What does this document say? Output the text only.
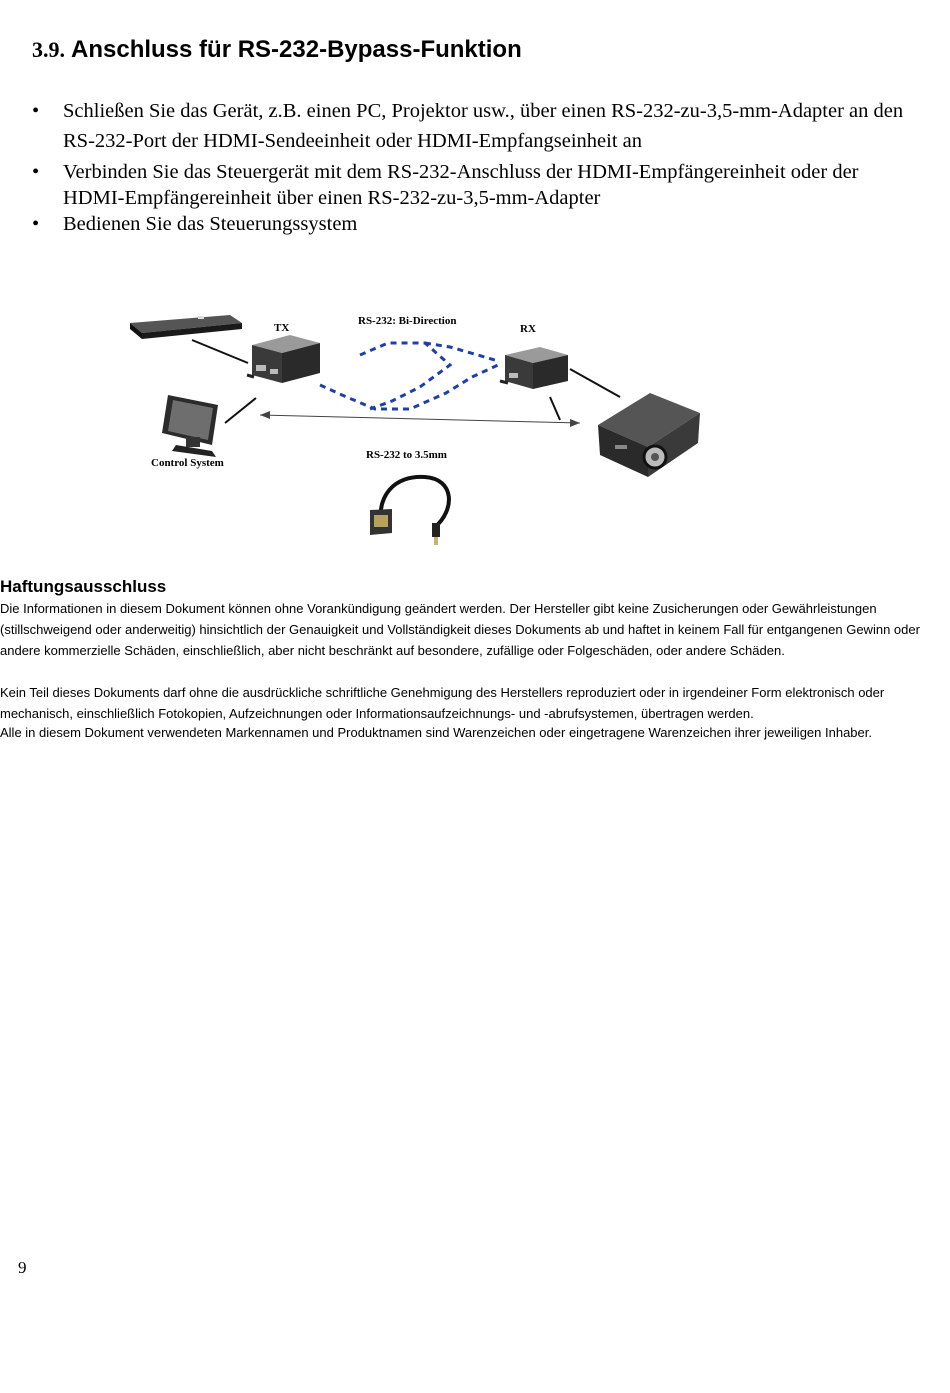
3.9. Anschluss für RS-232-Bypass-Funktion
• Schließen Sie das Gerät, z.B. einen PC, Projektor usw., über einen RS-232-zu-3,5-mm-Adapter an den RS-232-Port der HDMI-Sendeeinheit oder HDMI-Empfangseinheit an
• Verbinden Sie das Steuergerät mit dem RS-232-Anschluss der HDMI-Empfängereinheit oder der HDMI-Empfängereinheit über einen RS-232-zu-3,5-mm-Adapter
• Bedienen Sie das Steuerungssystem
TX	RX
RS-232: Bi-Direction
Control System
RS-232 to 3.5mm
Haftungsausschluss

Die Informationen in diesem Dokument können ohne Vorankündigung geändert werden. Der Hersteller gibt keine Zusicherungen oder Gewährleistungen (stillschweigend oder anderweitig) hinsichtlich der Genauigkeit und Vollständigkeit dieses Dokuments ab und haftet in keinem Fall für entgangenen Gewinn oder andere kommerzielle Schäden, einschließlich, aber nicht beschränkt auf besondere, zufällige oder Folgeschäden, oder andere Schäden.

Kein Teil dieses Dokuments darf ohne die ausdrückliche schriftliche Genehmigung des Herstellers reproduziert oder in irgendeiner Form elektronisch oder mechanisch, einschließlich Fotokopien, Aufzeichnungen oder Informationsaufzeichnungs- und -abrufsystemen, übertragen werden.

Alle in diesem Dokument verwendeten Markennamen und Produktnamen sind Warenzeichen oder eingetragene Warenzeichen ihrer jeweiligen Inhaber.

9
